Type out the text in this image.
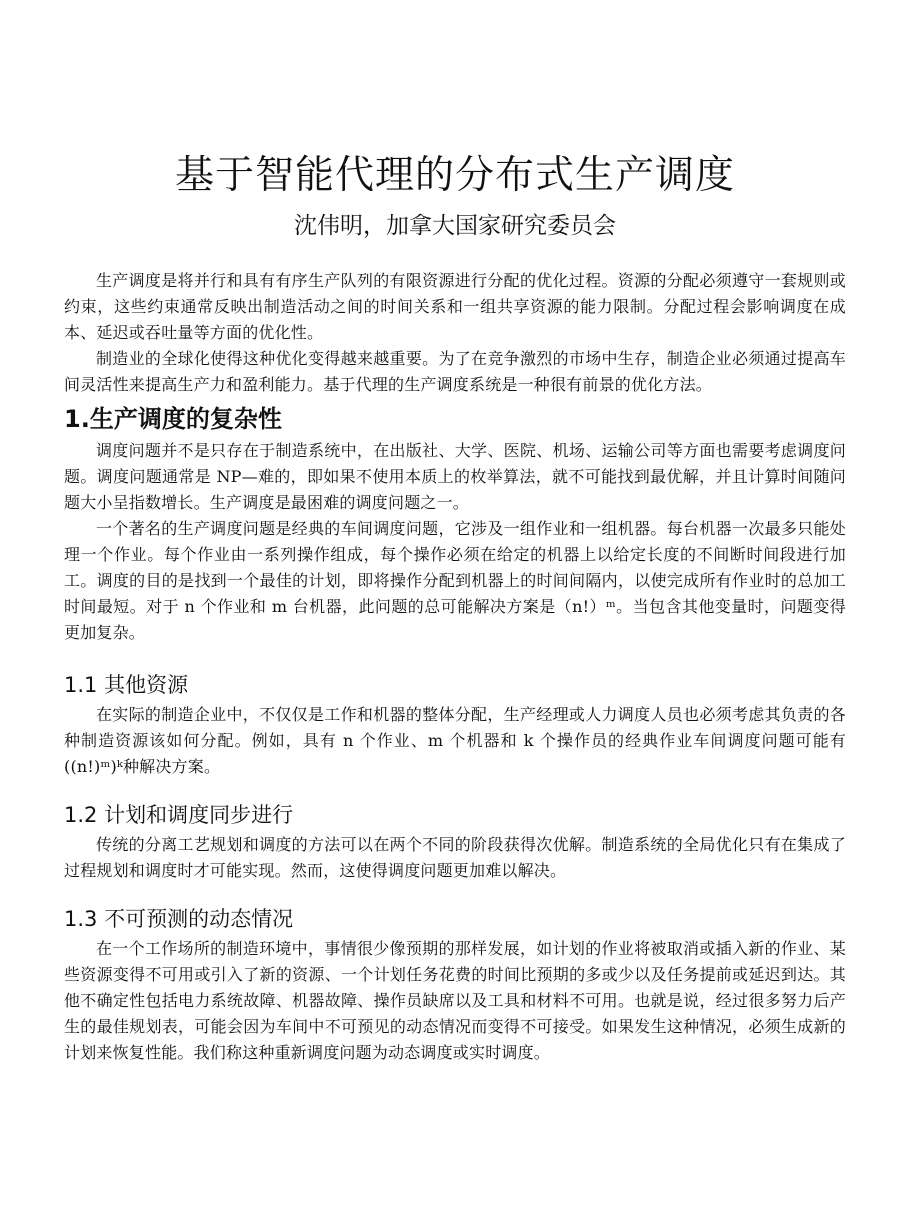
基于智能代理的分布式生产调度
沈伟明，加拿大国家研究委员会

生产调度是将并行和具有有序生产队列的有限资源进行分配的优化过程。资源的分配必须遵守一套规则或约束，这些约束通常反映出制造活动之间的时间关系和一组共享资源的能力限制。分配过程会影响调度在成本、延迟或吞吐量等方面的优化性。

制造业的全球化使得这种优化变得越来越重要。为了在竞争激烈的市场中生存，制造企业必须通过提高车间灵活性来提高生产力和盈利能力。基于代理的生产调度系统是一种很有前景的优化方法。

1.生产调度的复杂性

调度问题并不是只存在于制造系统中，在出版社、大学、医院、机场、运输公司等方面也需要考虑调度问题。调度问题通常是 NP—难的，即如果不使用本质上的枚举算法，就不可能找到最优解，并且计算时间随问题大小呈指数增长。生产调度是最困难的调度问题之一。

一个著名的生产调度问题是经典的车间调度问题，它涉及一组作业和一组机器。每台机器一次最多只能处理一个作业。每个作业由一系列操作组成，每个操作必须在给定的机器上以给定长度的不间断时间段进行加工。调度的目的是找到一个最佳的计划，即将操作分配到机器上的时间间隔内，以使完成所有作业时的总加工时间最短。对于 n 个作业和 m 台机器，此问题的总可能解决方案是（n!）ᵐ。当包含其他变量时，问题变得更加复杂。

1.1 其他资源

在实际的制造企业中，不仅仅是工作和机器的整体分配，生产经理或人力调度人员也必须考虑其负责的各种制造资源该如何分配。例如，具有 n 个作业、m 个机器和 k 个操作员的经典作业车间调度问题可能有((n!)ᵐ)ᵏ种解决方案。

1.2 计划和调度同步进行

传统的分离工艺规划和调度的方法可以在两个不同的阶段获得次优解。制造系统的全局优化只有在集成了过程规划和调度时才可能实现。然而，这使得调度问题更加难以解决。

1.3 不可预测的动态情况

在一个工作场所的制造环境中，事情很少像预期的那样发展，如计划的作业将被取消或插入新的作业、某些资源变得不可用或引入了新的资源、一个计划任务花费的时间比预期的多或少以及任务提前或延迟到达。其他不确定性包括电力系统故障、机器故障、操作员缺席以及工具和材料不可用。也就是说，经过很多努力后产生的最佳规划表，可能会因为车间中不可预见的动态情况而变得不可接受。如果发生这种情况，必须生成新的计划来恢复性能。我们称这种重新调度问题为动态调度或实时调度。
